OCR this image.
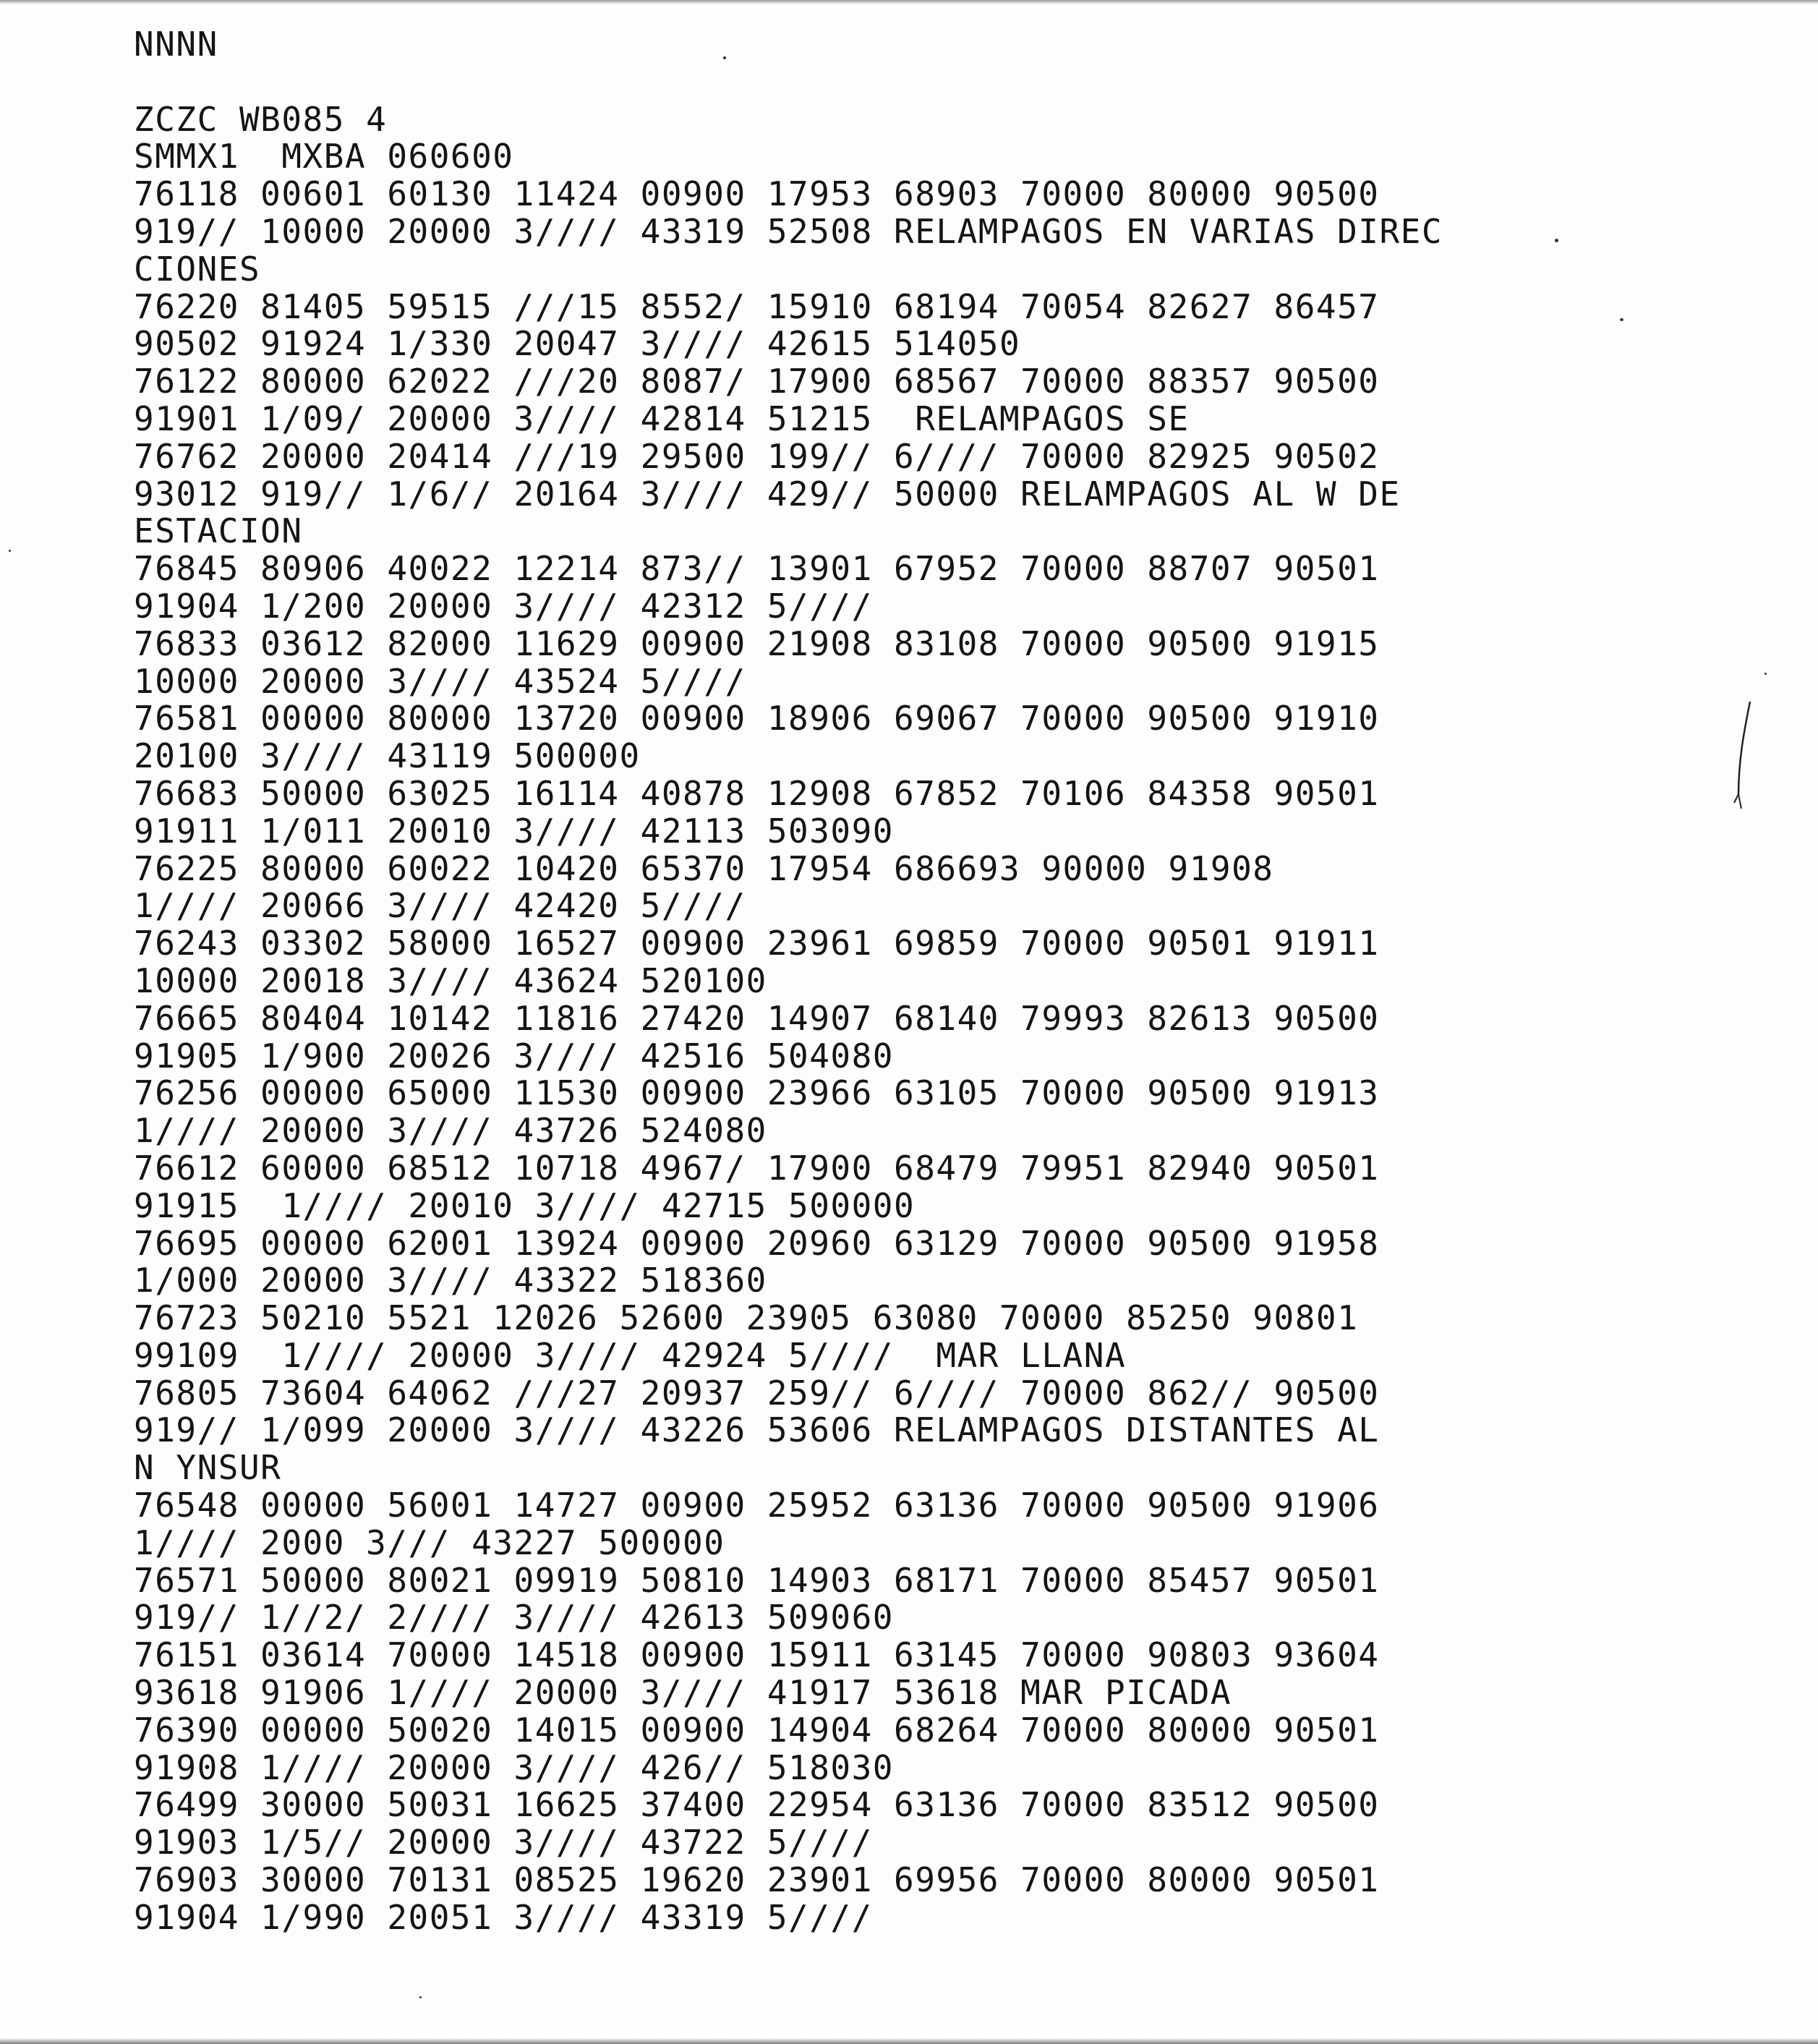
NNNN
ZCZC WB085 4
SMMX1  MXBA 060600
76118 00601 60130 11424 00900 17953 68903 70000 80000 90500
919// 10000 20000 3//// 43319 52508 RELAMPAGOS EN VARIAS DIREC
CIONES
76220 81405 59515 ///15 8552/ 15910 68194 70054 82627 86457
90502 91924 1/330 20047 3//// 42615 514050
76122 80000 62022 ///20 8087/ 17900 68567 70000 88357 90500
91901 1/09/ 20000 3//// 42814 51215  RELAMPAGOS SE
76762 20000 20414 ///19 29500 199// 6//// 70000 82925 90502
93012 919// 1/6// 20164 3//// 429// 50000 RELAMPAGOS AL W DE
ESTACION
76845 80906 40022 12214 873// 13901 67952 70000 88707 90501
91904 1/200 20000 3//// 42312 5////
76833 03612 82000 11629 00900 21908 83108 70000 90500 91915
10000 20000 3//// 43524 5////
76581 00000 80000 13720 00900 18906 69067 70000 90500 91910
20100 3//// 43119 500000
76683 50000 63025 16114 40878 12908 67852 70106 84358 90501
91911 1/011 20010 3//// 42113 503090
76225 80000 60022 10420 65370 17954 686693 90000 91908
1//// 20066 3//// 42420 5////
76243 03302 58000 16527 00900 23961 69859 70000 90501 91911
10000 20018 3//// 43624 520100
76665 80404 10142 11816 27420 14907 68140 79993 82613 90500
91905 1/900 20026 3//// 42516 504080
76256 00000 65000 11530 00900 23966 63105 70000 90500 91913
1//// 20000 3//// 43726 524080
76612 60000 68512 10718 4967/ 17900 68479 79951 82940 90501
91915  1//// 20010 3//// 42715 500000
76695 00000 62001 13924 00900 20960 63129 70000 90500 91958
1/000 20000 3//// 43322 518360
76723 50210 5521 12026 52600 23905 63080 70000 85250 90801
99109  1//// 20000 3//// 42924 5////  MAR LLANA
76805 73604 64062 ///27 20937 259// 6//// 70000 862// 90500
919// 1/099 20000 3//// 43226 53606 RELAMPAGOS DISTANTES AL
N YNSUR
76548 00000 56001 14727 00900 25952 63136 70000 90500 91906
1//// 2000 3/// 43227 500000
76571 50000 80021 09919 50810 14903 68171 70000 85457 90501
919// 1//2/ 2//// 3//// 42613 509060
76151 03614 70000 14518 00900 15911 63145 70000 90803 93604
93618 91906 1//// 20000 3//// 41917 53618 MAR PICADA
76390 00000 50020 14015 00900 14904 68264 70000 80000 90501
91908 1//// 20000 3//// 426// 518030
76499 30000 50031 16625 37400 22954 63136 70000 83512 90500
91903 1/5// 20000 3//// 43722 5////
76903 30000 70131 08525 19620 23901 69956 70000 80000 90501
91904 1/990 20051 3//// 43319 5////
